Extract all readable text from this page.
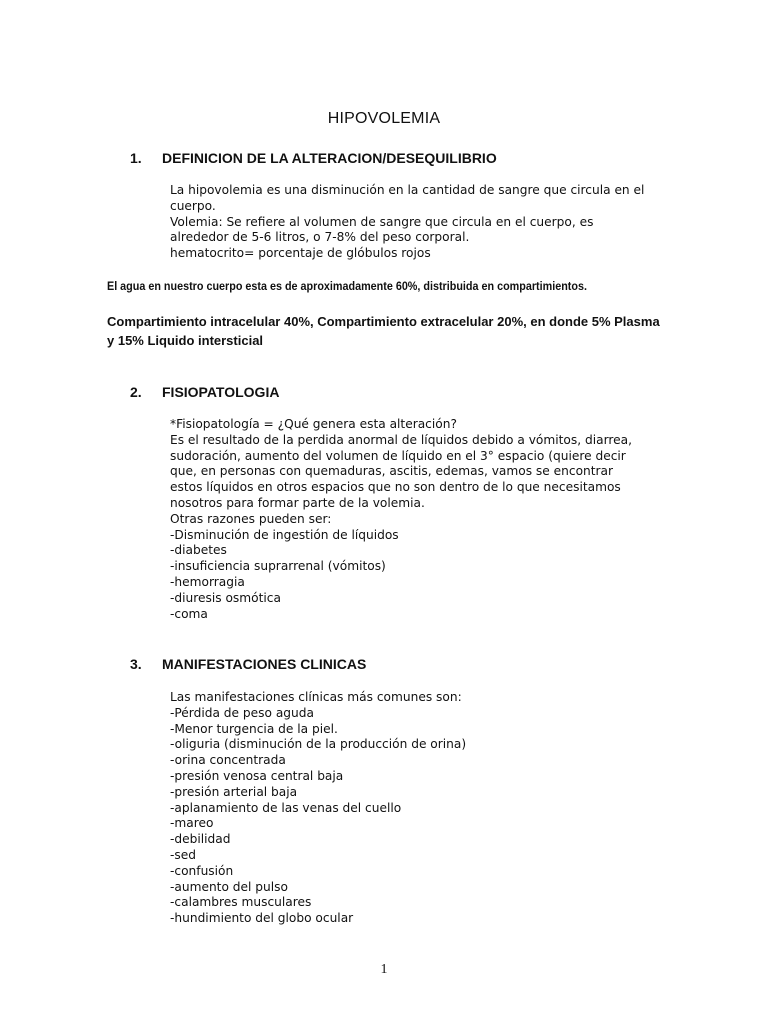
HIPOVOLEMIA
1. DEFINICION DE LA ALTERACION/DESEQUILIBRIO
La hipovolemia es una disminución en la cantidad de sangre que circula en el
cuerpo.
Volemia: Se refiere al volumen de sangre que circula en el cuerpo, es
alrededor de 5-6 litros, o 7-8% del peso corporal.
hematocrito= porcentaje de glóbulos rojos
El agua en nuestro cuerpo esta es de aproximadamente 60%, distribuida en compartimientos.
Compartimiento intracelular 40%, Compartimiento extracelular 20%, en donde 5% Plasma y 15% Liquido intersticial
2. FISIOPATOLOGIA
*Fisiopatología = ¿Qué genera esta alteración?
Es el resultado de la perdida anormal de líquidos debido a vómitos, diarrea,
sudoración, aumento del volumen de líquido en el 3° espacio (quiere decir
que, en personas con quemaduras, ascitis, edemas, vamos se encontrar
estos líquidos en otros espacios que no son dentro de lo que necesitamos
nosotros para formar parte de la volemia.
Otras razones pueden ser:
-Disminución de ingestión de líquidos
-diabetes
-insuficiencia suprarrenal (vómitos)
-hemorragia
-diuresis osmótica
-coma
3. MANIFESTACIONES CLINICAS
Las manifestaciones clínicas más comunes son:
-Pérdida de peso aguda
-Menor turgencia de la piel.
-oliguria (disminución de la producción de orina)
-orina concentrada
-presión venosa central baja
-presión arterial baja
-aplanamiento de las venas del cuello
-mareo
-debilidad
-sed
-confusión
-aumento del pulso
-calambres musculares
-hundimiento del globo ocular
1
